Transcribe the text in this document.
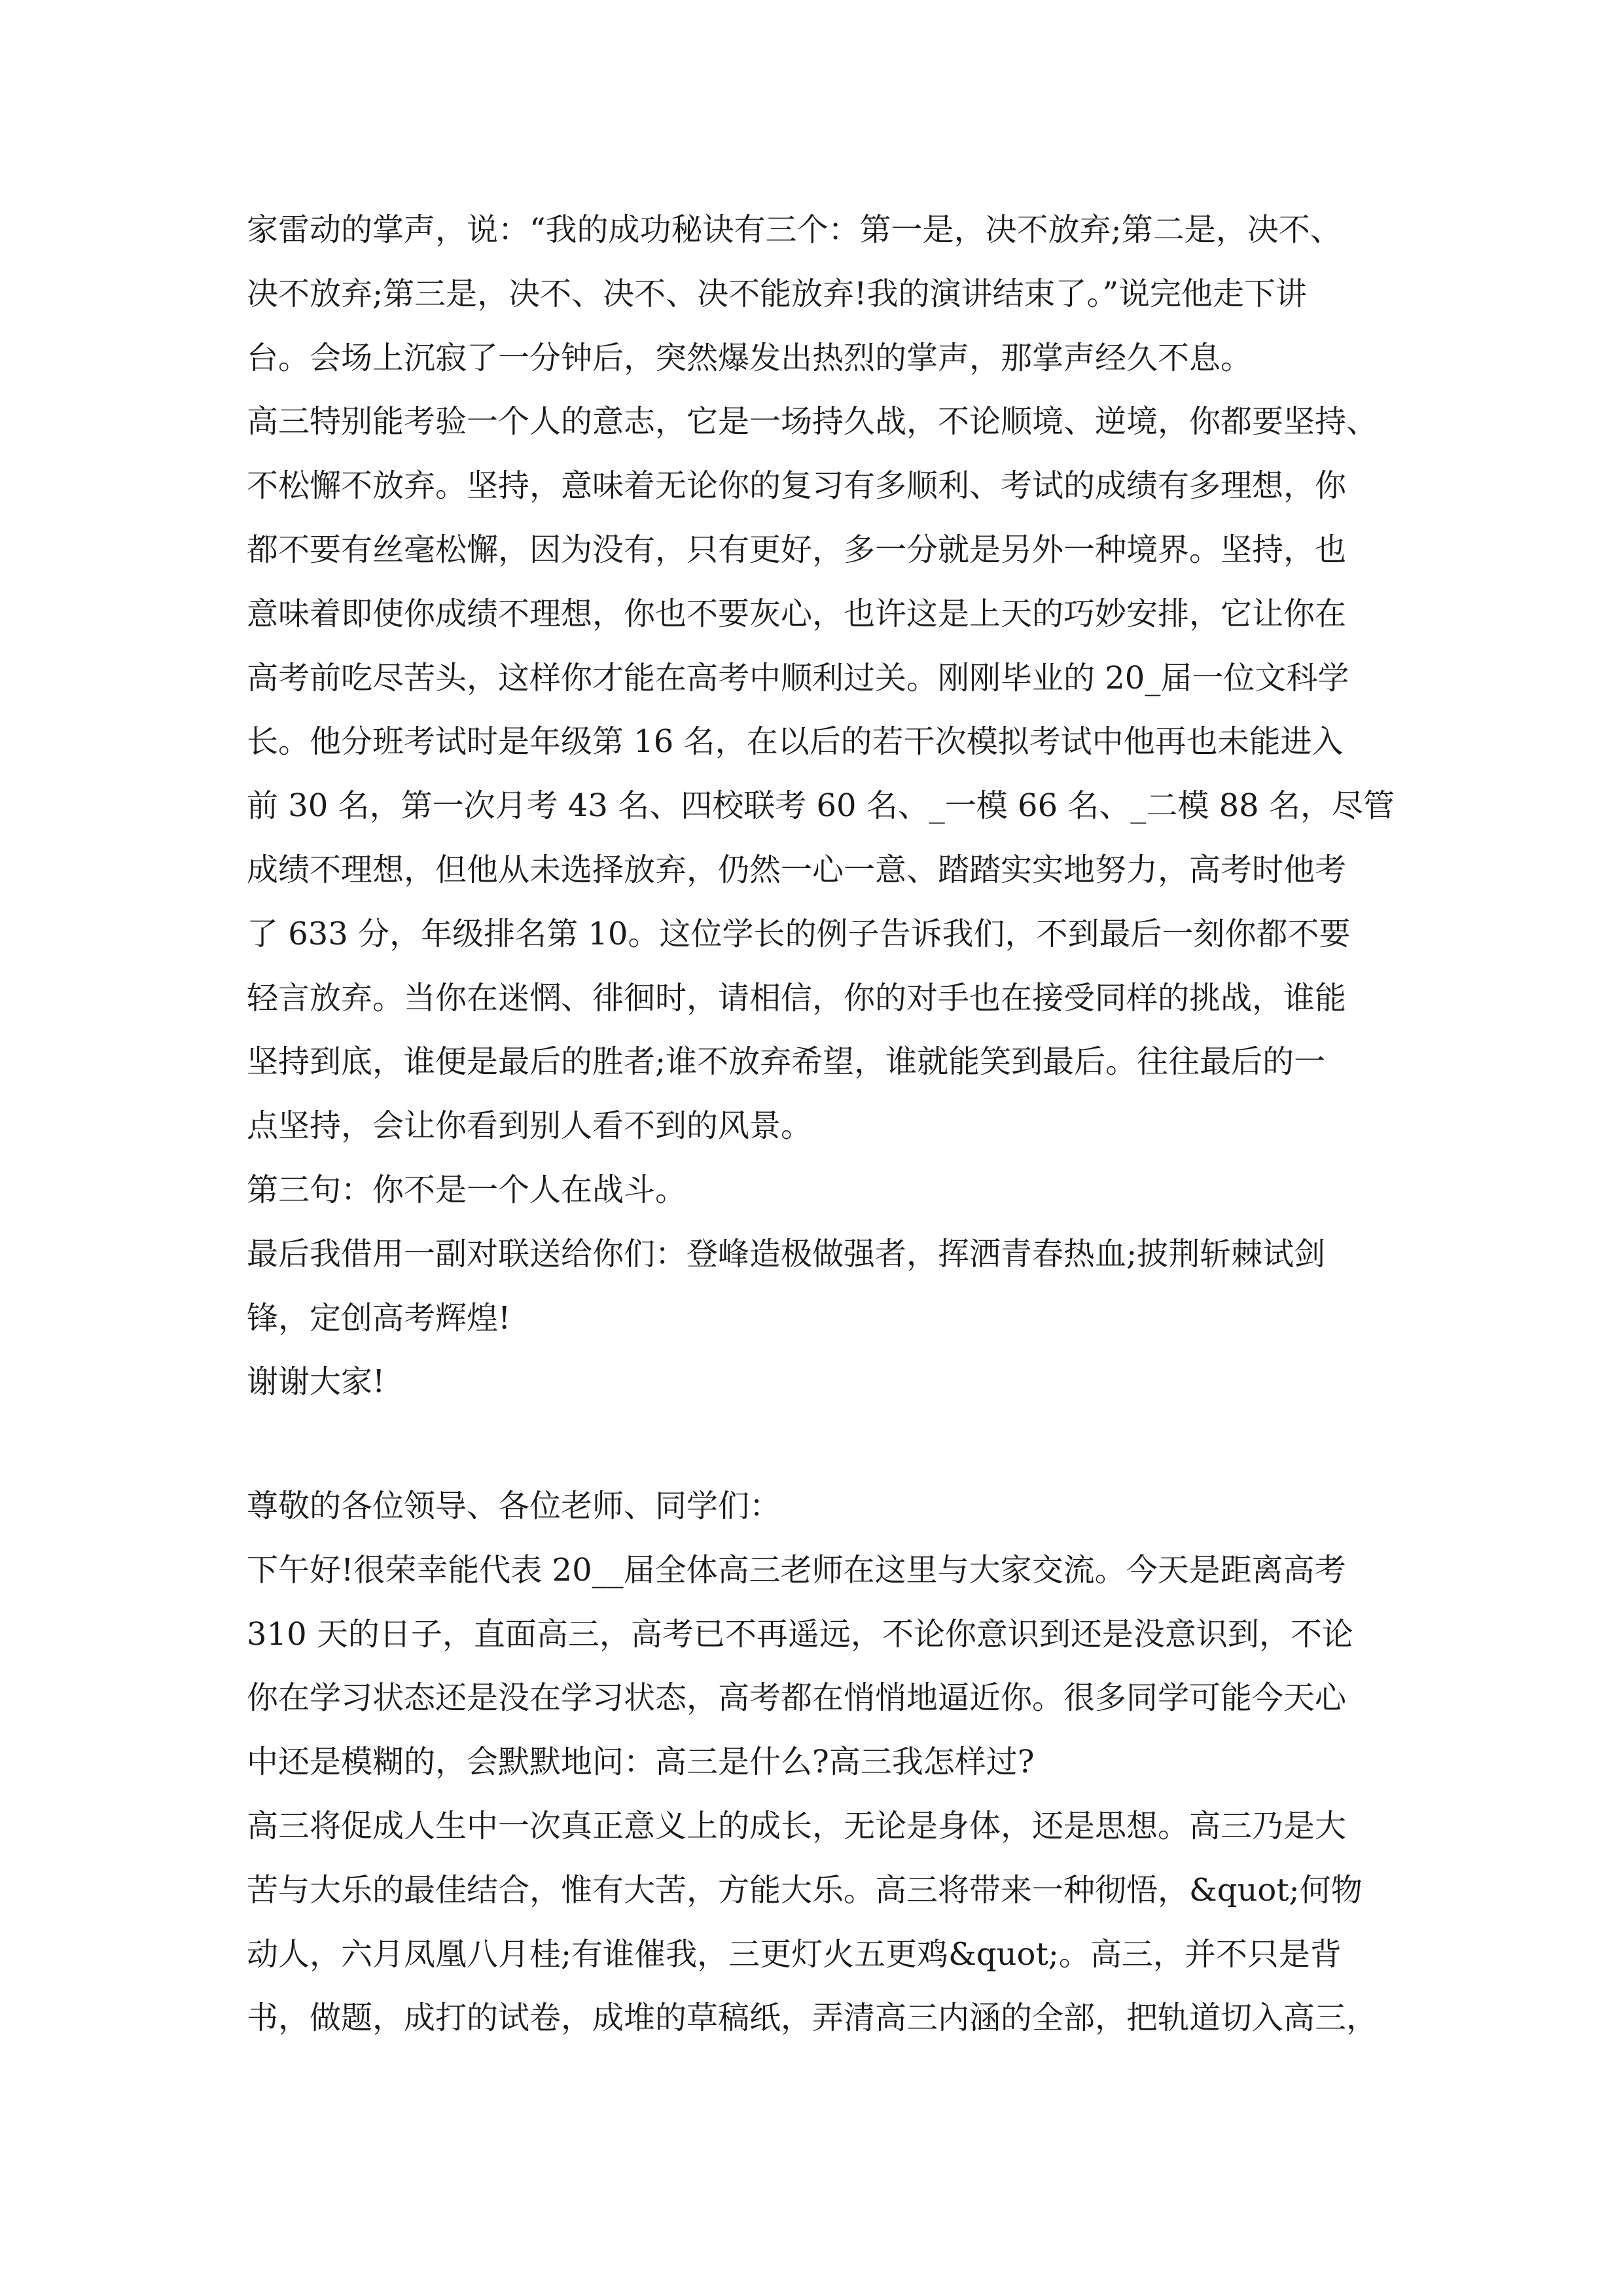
家雷动的掌声，说：“我的成功秘诀有三个：第一是，决不放弃;第二是，决不、
决不放弃;第三是，决不、决不、决不能放弃!我的演讲结束了。”说完他走下讲
台。会场上沉寂了一分钟后，突然爆发出热烈的掌声，那掌声经久不息。
高三特别能考验一个人的意志，它是一场持久战，不论顺境、逆境，你都要坚持、
不松懈不放弃。坚持，意味着无论你的复习有多顺利、考试的成绩有多理想，你
都不要有丝毫松懈，因为没有，只有更好，多一分就是另外一种境界。坚持，也
意味着即使你成绩不理想，你也不要灰心，也许这是上天的巧妙安排，它让你在
高考前吃尽苦头，这样你才能在高考中顺利过关。刚刚毕业的 20_届一位文科学
长。他分班考试时是年级第 16 名，在以后的若干次模拟考试中他再也未能进入
前 30 名，第一次月考 43 名、四校联考 60 名、_一模 66 名、_二模 88 名，尽管
成绩不理想，但他从未选择放弃，仍然一心一意、踏踏实实地努力，高考时他考
了 633 分，年级排名第 10。这位学长的例子告诉我们，不到最后一刻你都不要
轻言放弃。当你在迷惘、徘徊时，请相信，你的对手也在接受同样的挑战，谁能
坚持到底，谁便是最后的胜者;谁不放弃希望，谁就能笑到最后。往往最后的一
点坚持，会让你看到别人看不到的风景。
第三句：你不是一个人在战斗。
最后我借用一副对联送给你们：登峰造极做强者，挥洒青春热血;披荆斩棘试剑
锋，定创高考辉煌!
谢谢大家!
尊敬的各位领导、各位老师、同学们：
下午好!很荣幸能代表 20__届全体高三老师在这里与大家交流。今天是距离高考
310 天的日子，直面高三，高考已不再遥远，不论你意识到还是没意识到，不论
你在学习状态还是没在学习状态，高考都在悄悄地逼近你。很多同学可能今天心
中还是模糊的，会默默地问：高三是什么?高三我怎样过?
高三将促成人生中一次真正意义上的成长，无论是身体，还是思想。高三乃是大
苦与大乐的最佳结合，惟有大苦，方能大乐。高三将带来一种彻悟，&quot;何物
动人，六月凤凰八月桂;有谁催我，三更灯火五更鸡&quot;。高三，并不只是背
书，做题，成打的试卷，成堆的草稿纸，弄清高三内涵的全部，把轨道切入高三，
